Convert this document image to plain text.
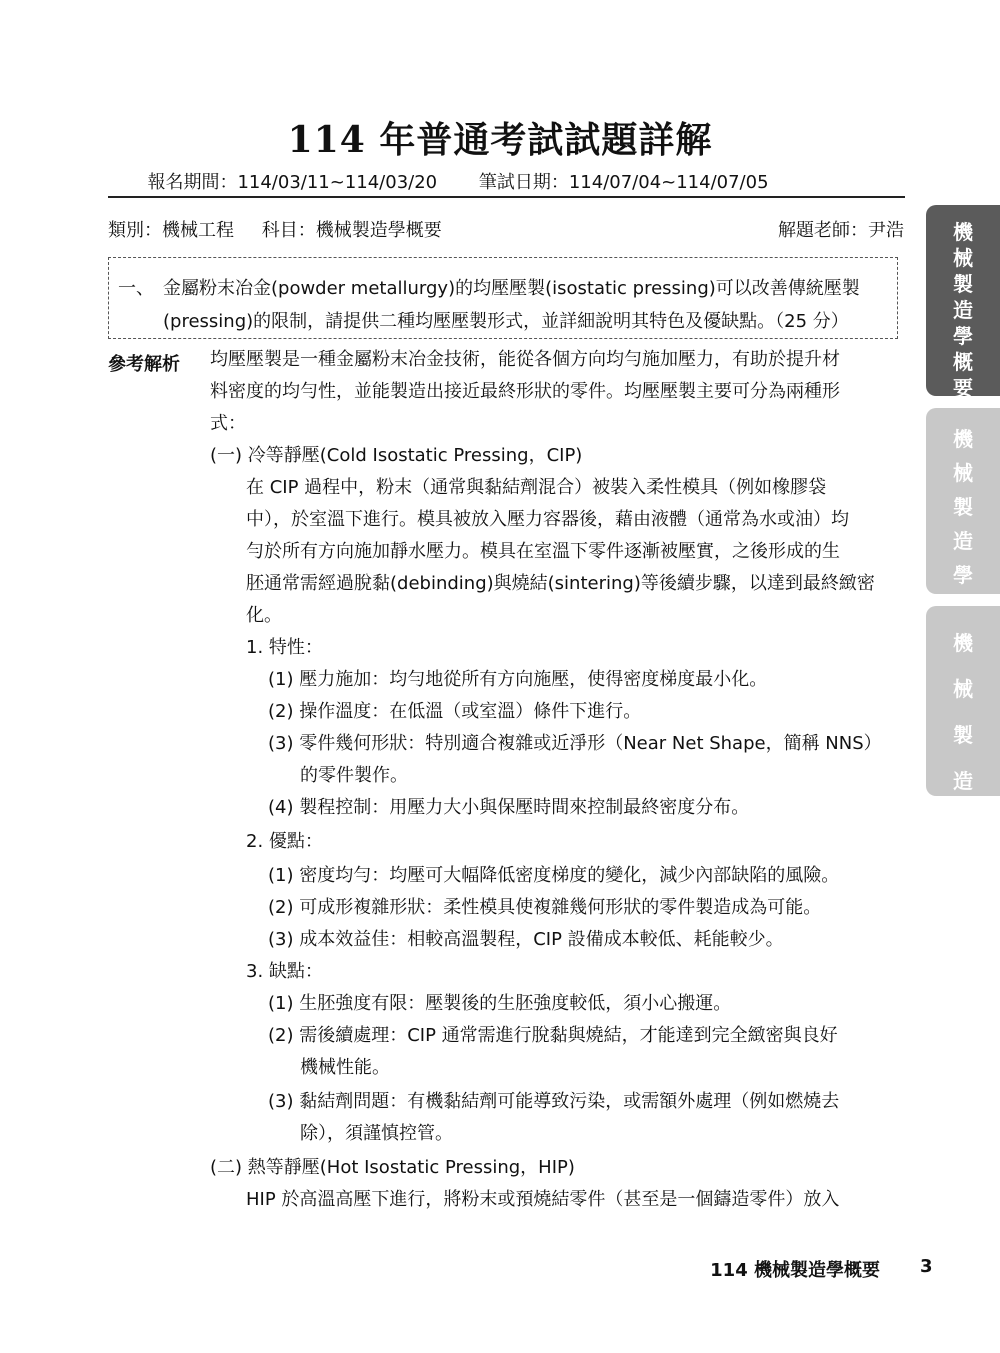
114 年普通考試試題詳解
報名期間：114/03/11~114/03/20 筆試日期：114/07/04~114/07/05
類別：機械工程 科目：機械製造學概要	解題老師：尹浩
一、 金屬粉末冶金(powder metallurgy)的均壓壓製(isostatic pressing)可以改善傳統壓製
(pressing)的限制，請提供二種均壓壓製形式，並詳細說明其特色及優缺點。（25 分）
參考解析 均壓壓製是一種金屬粉末冶金技術，能從各個方向均勻施加壓力，有助於提升材
料密度的均勻性，並能製造出接近最終形狀的零件。均壓壓製主要可分為兩種形
式：
(一) 冷等靜壓(Cold Isostatic Pressing，CIP)
在 CIP 過程中，粉末（通常與黏結劑混合）被裝入柔性模具（例如橡膠袋
中），於室溫下進行。模具被放入壓力容器後，藉由液體（通常為水或油）均
勻於所有方向施加靜水壓力。模具在室溫下零件逐漸被壓實，之後形成的生
胚通常需經過脫黏(debinding)與燒結(sintering)等後續步驟，以達到最終緻密
化。
1. 特性：
(1) 壓力施加：均勻地從所有方向施壓，使得密度梯度最小化。
(2) 操作溫度：在低溫（或室溫）條件下進行。
(3) 零件幾何形狀：特別適合複雜或近淨形（Near Net Shape，簡稱 NNS）
的零件製作。
(4) 製程控制：用壓力大小與保壓時間來控制最終密度分布。
2. 優點：
(1) 密度均勻：均壓可大幅降低密度梯度的變化，減少內部缺陷的風險。
(2) 可成形複雜形狀：柔性模具使複雜幾何形狀的零件製造成為可能。
(3) 成本效益佳：相較高溫製程，CIP 設備成本較低、耗能較少。
3. 缺點：
(1) 生胚強度有限：壓製後的生胚強度較低，須小心搬運。
(2) 需後續處理：CIP 通常需進行脫黏與燒結，才能達到完全緻密與良好
機械性能。
(3) 黏結劑問題：有機黏結劑可能導致污染，或需額外處理（例如燃燒去
除），須謹慎控管。
(二) 熱等靜壓(Hot Isostatic Pressing，HIP)
HIP 於高溫高壓下進行，將粉末或預燒結零件（甚至是一個鑄造零件）放入
機
械
製
造
學
概
要
機
械
製
造
學
機
械
製
造
114 機械製造學概要 3
